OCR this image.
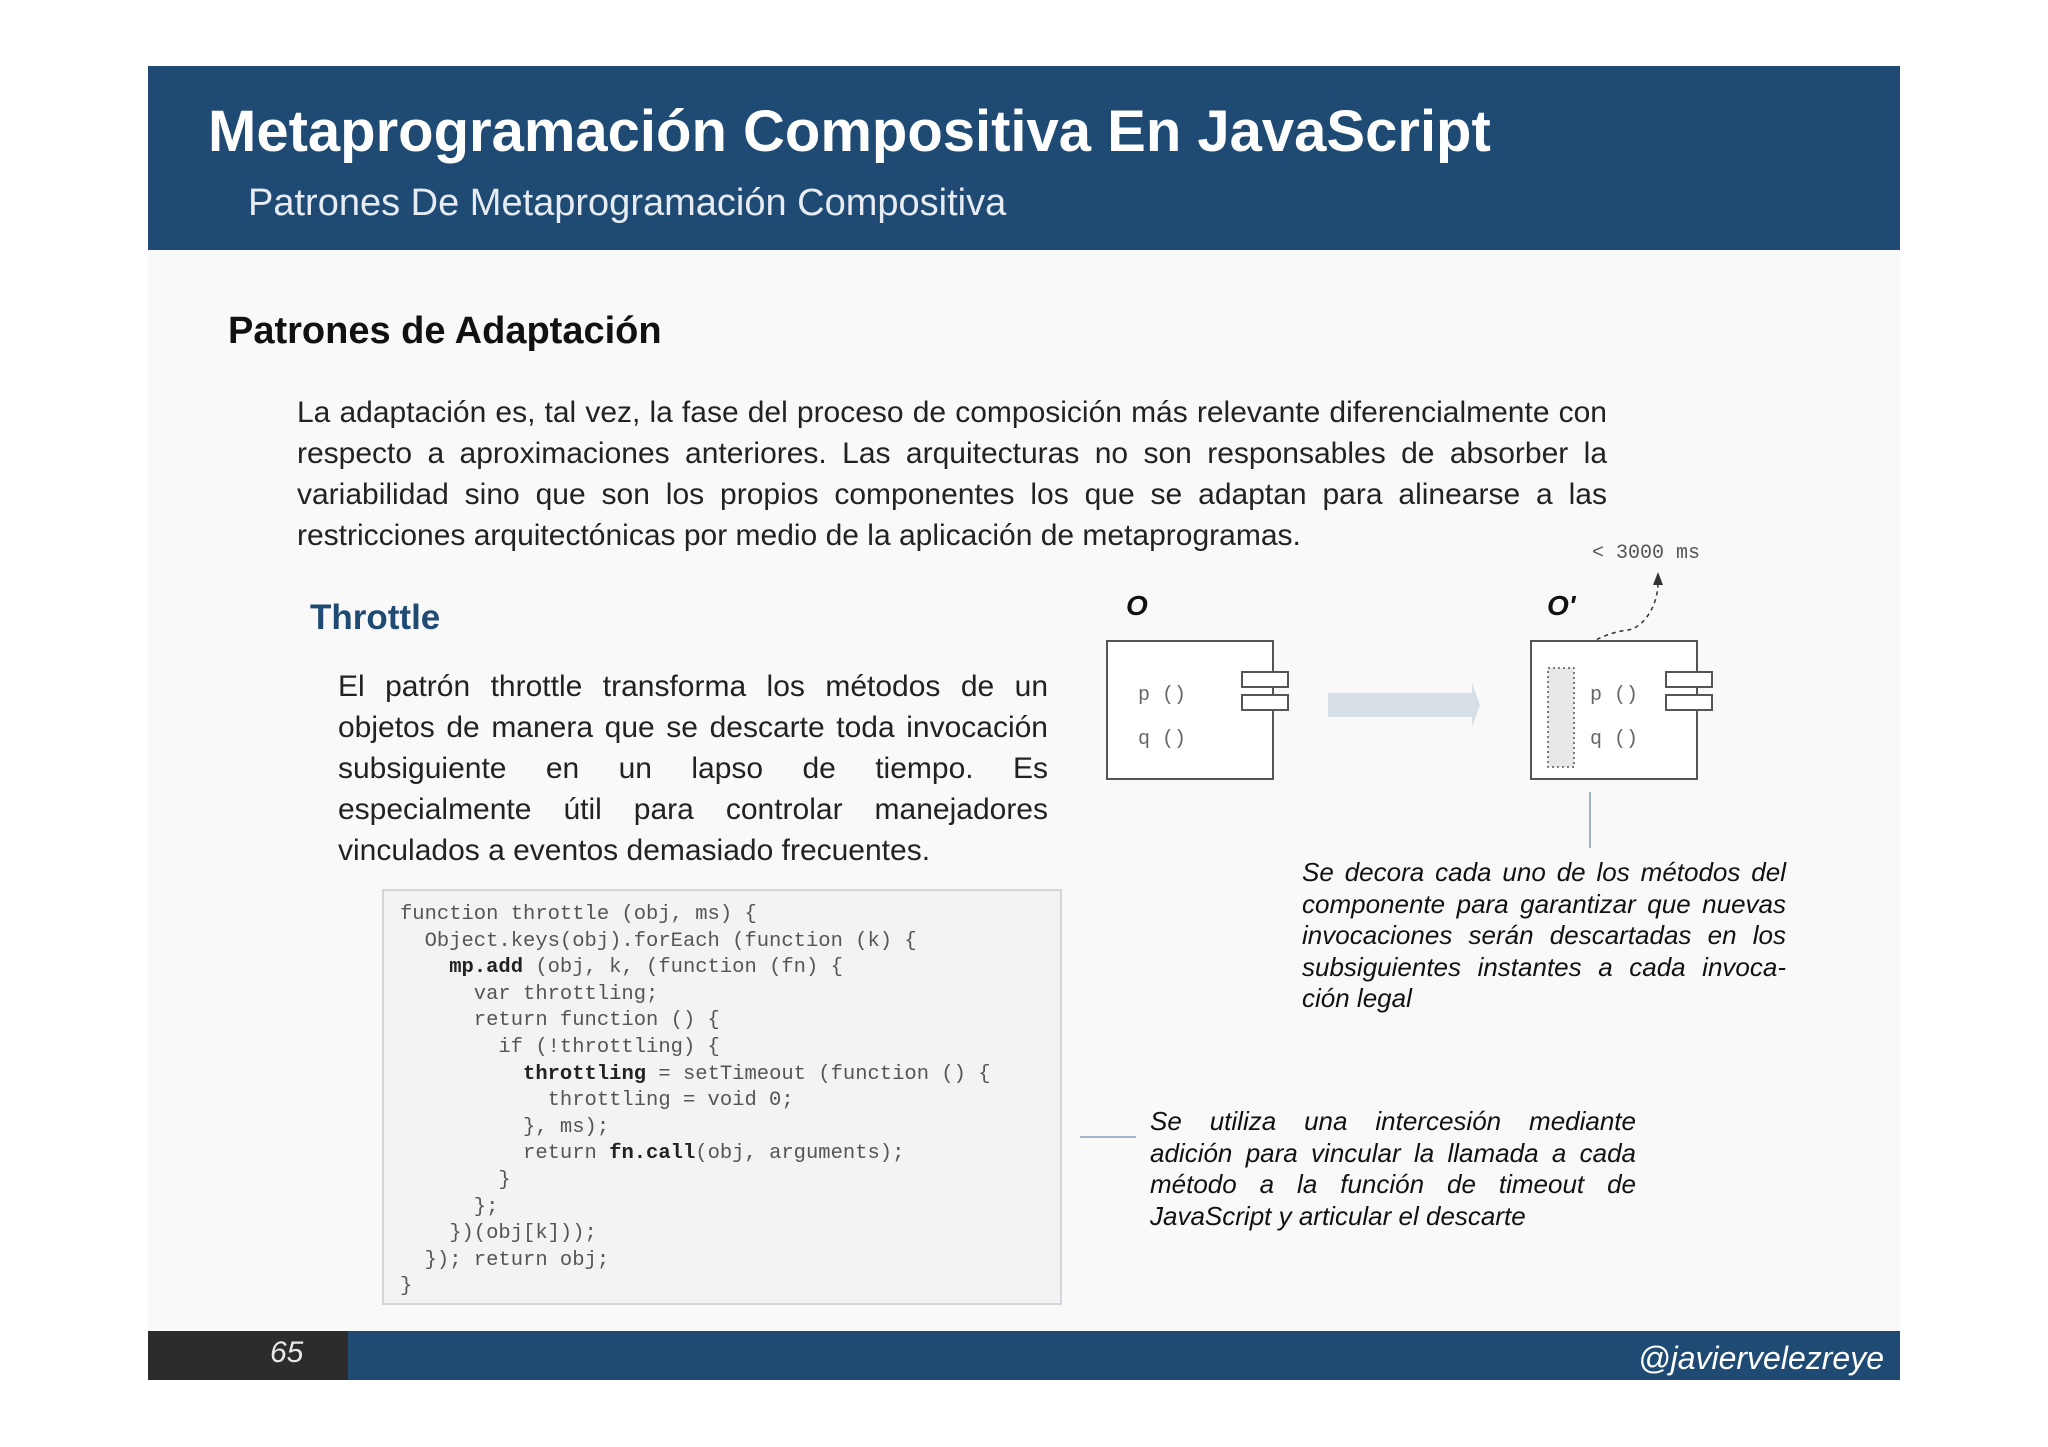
Metaprogramación Compositiva En JavaScript
Patrones De Metaprogramación Compositiva
Patrones de Adaptación
La adaptación es, tal vez, la fase del proceso de composición más relevante diferencialmente con respecto a aproximaciones anteriores. Las arquitecturas no son responsables de absorber la variabilidad sino que son los propios componentes los que se adaptan para alinearse a las restricciones arquitectónicas por medio de la aplicación de metaprogramas.
Throttle
El patrón throttle transforma los métodos de un objetos de manera que se descarte toda invocación subsiguiente en un lapso de tiempo. Es especialmente útil para controlar manejadores vinculados a eventos demasiado frecuentes.
function throttle (obj, ms) {
Object.keys(obj).forEach (function (k) {
mp.add (obj, k, (function (fn) {
var throttling;
return function () {
if (!throttling) {
throttling = setTimeout (function () {
throttling = void 0;
}, ms);
return fn.call(obj, arguments);
}
};
})(obj[k]));
}); return obj;
}
O
p ()
q ()
O'
< 3000 ms
p ()
q ()
Se decora cada uno de los métodos del componente para garantizar que nuevas invocaciones serán descartadas en los subsiguientes instantes a cada invoca-ción legal
Se utiliza una intercesión mediante adición para vincular la llamada a cada método a la función de timeout de JavaScript y articular el descarte
65	@javiervelezreye
